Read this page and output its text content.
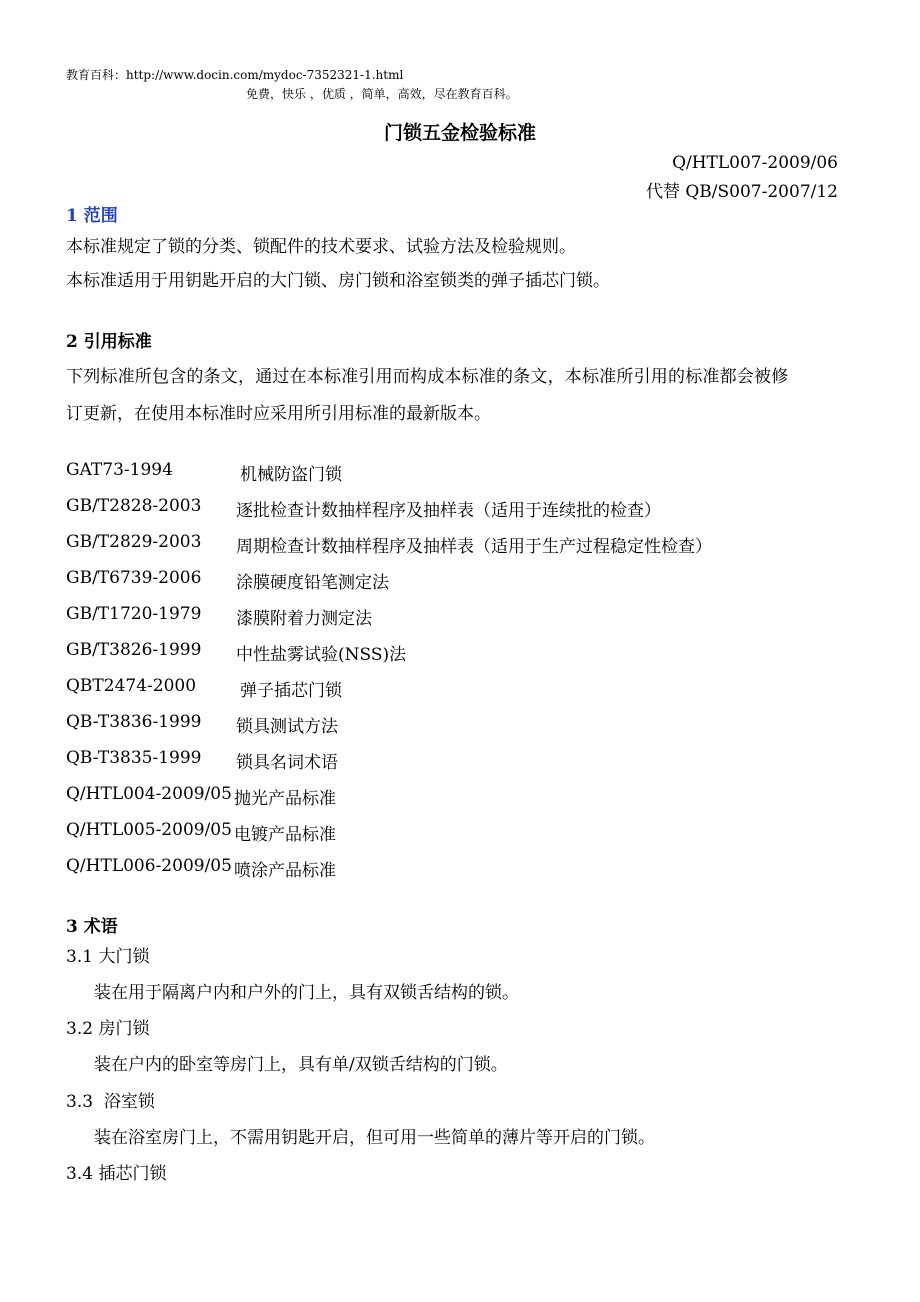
教育百科：http://www.docin.com/mydoc-7352321-1.html
免费，快乐 ，优质 ，简单，高效，尽在教育百科。
门锁五金检验标准
Q/HTL007-2009/06
代替 QB/S007-2007/12
1 范围
本标准规定了锁的分类、锁配件的技术要求、试验方法及检验规则。
本标准适用于用钥匙开启的大门锁、房门锁和浴室锁类的弹子插芯门锁。
2 引用标准
下列标准所包含的条文，通过在本标准引用而构成本标准的条文，本标准所引用的标准都会被修
订更新，在使用本标准时应采用所引用标准的最新版本。
GAT73-1994	机械防盗门锁
GB/T2828-2003 逐批检查计数抽样程序及抽样表（适用于连续批的检查）
GB/T2829-2003 周期检查计数抽样程序及抽样表（适用于生产过程稳定性检查）
GB/T6739-2006 涂膜硬度铅笔测定法
GB/T1720-1979 漆膜附着力测定法
GB/T3826-1999 中性盐雾试验(NSS)法
QBT2474-2000	弹子插芯门锁
QB-T3836-1999 锁具测试方法
QB-T3835-1999 锁具名词术语
Q/HTL004-2009/05 抛光产品标准
Q/HTL005-2009/05 电镀产品标准
Q/HTL006-2009/05 喷涂产品标准
3 术语
3.1 大门锁
装在用于隔离户内和户外的门上，具有双锁舌结构的锁。
3.2 房门锁
装在户内的卧室等房门上，具有单/双锁舌结构的门锁。
3.3  浴室锁
装在浴室房门上，不需用钥匙开启，但可用一些简单的薄片等开启的门锁。
3.4 插芯门锁
